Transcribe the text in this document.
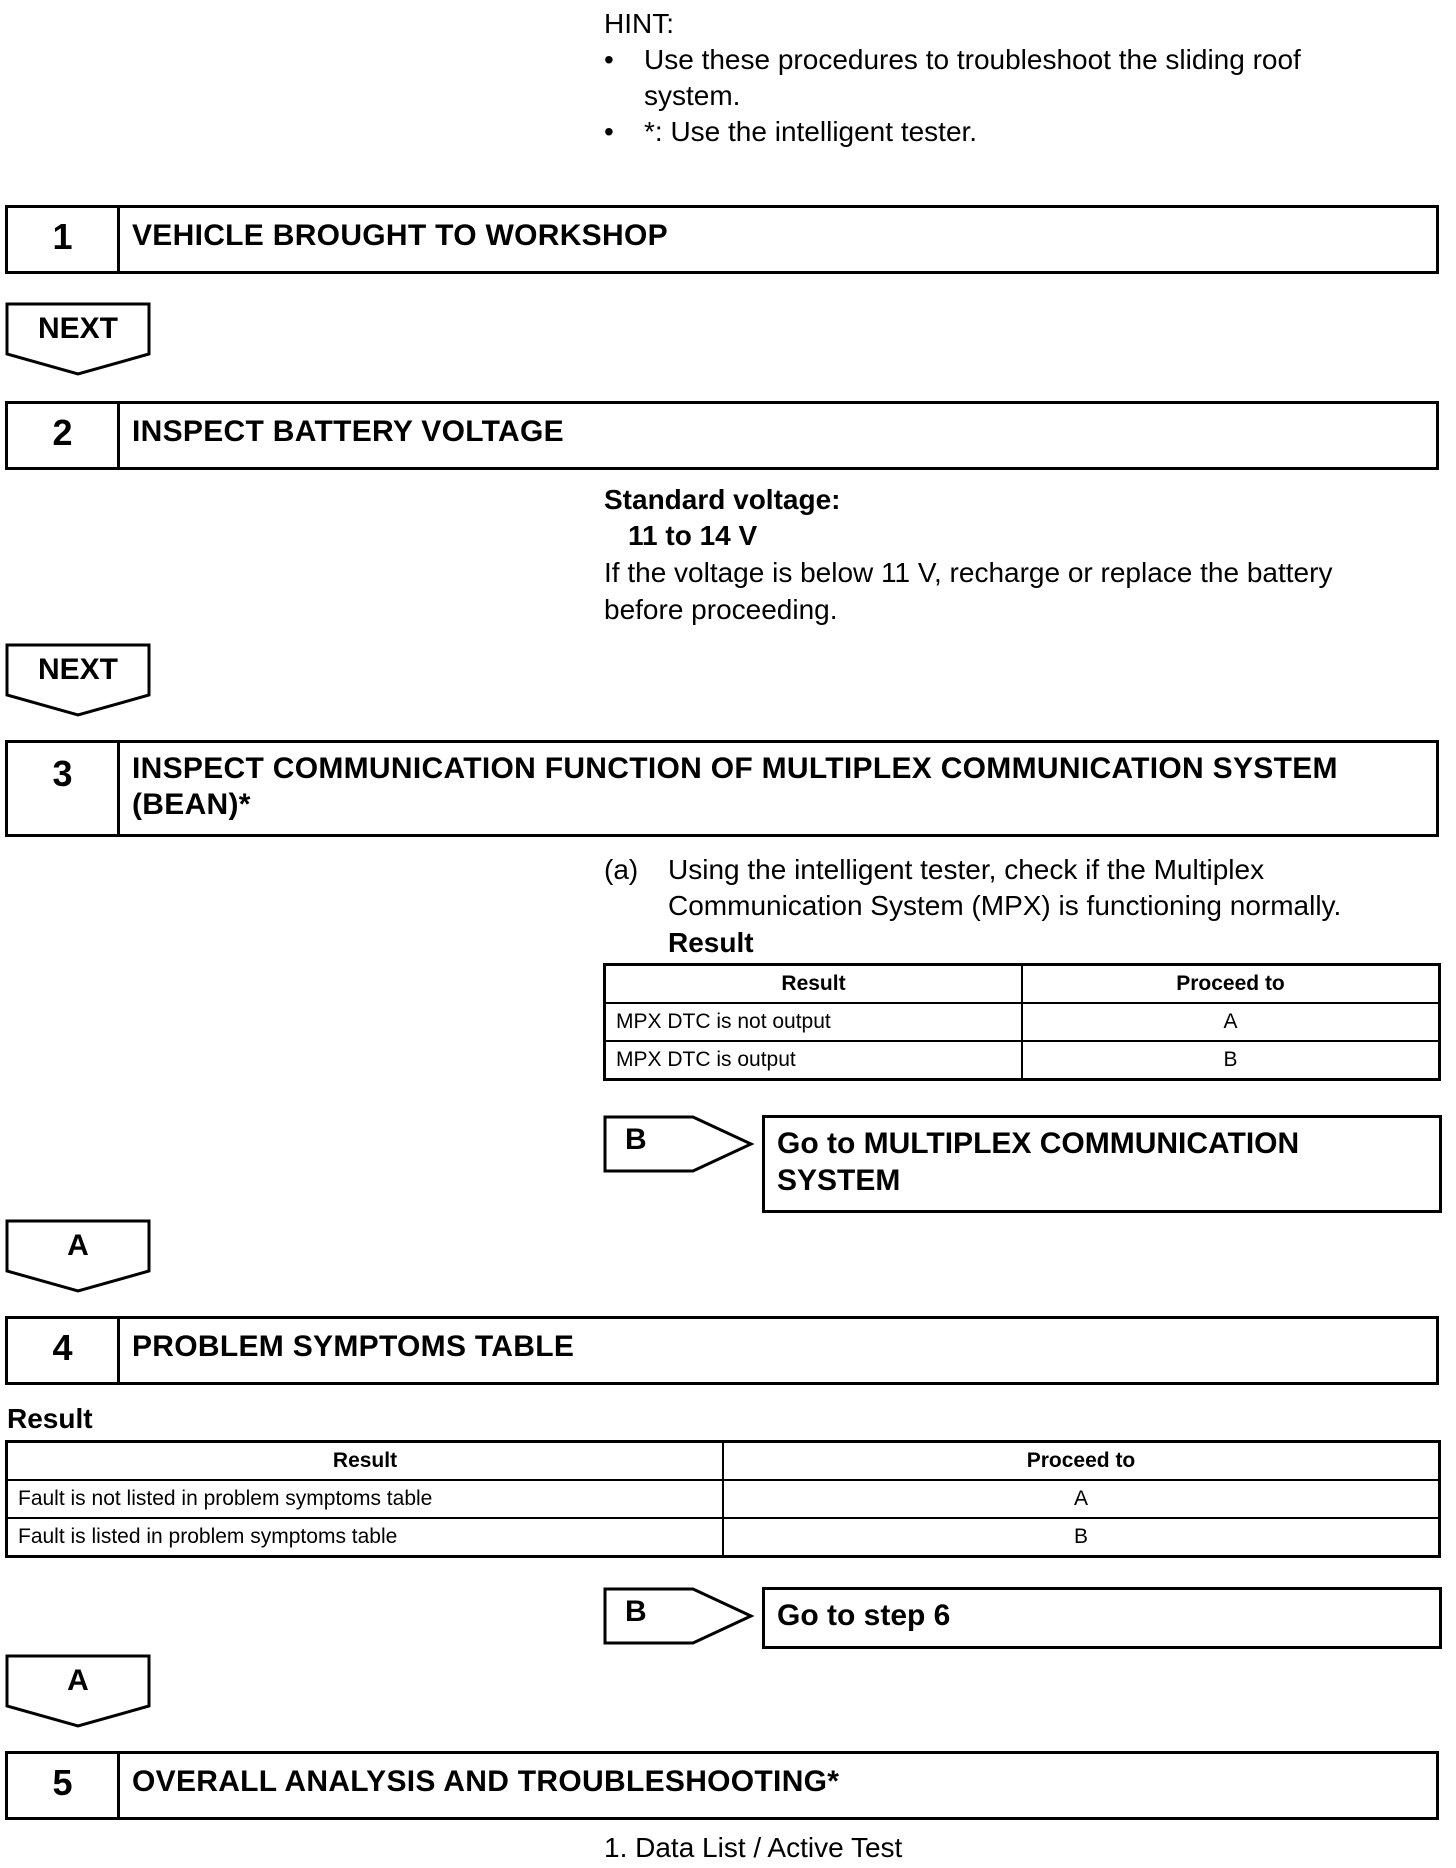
HINT:
• Use these procedures to troubleshoot the sliding roof
system.
• *: Use the intelligent tester.
1	VEHICLE BROUGHT TO WORKSHOP
NEXT
2	INSPECT BATTERY VOLTAGE
Standard voltage:
11 to 14 V
If the voltage is below 11 V, recharge or replace the battery
before proceeding.
NEXT
3	INSPECT COMMUNICATION FUNCTION OF MULTIPLEX COMMUNICATION SYSTEM
(BEAN)*
(a) Using the intelligent tester, check if the Multiplex
Communication System (MPX) is functioning normally.
Result
Result	Proceed to
MPX DTC is not output	A
MPX DTC is output	B
B	Go to MULTIPLEX COMMUNICATION
SYSTEM
A
4	PROBLEM SYMPTOMS TABLE
Result
Result	Proceed to
Fault is not listed in problem symptoms table	A
Fault is listed in problem symptoms table	B
B	Go to step 6
A
5	OVERALL ANALYSIS AND TROUBLESHOOTING*
1. Data List / Active Test
